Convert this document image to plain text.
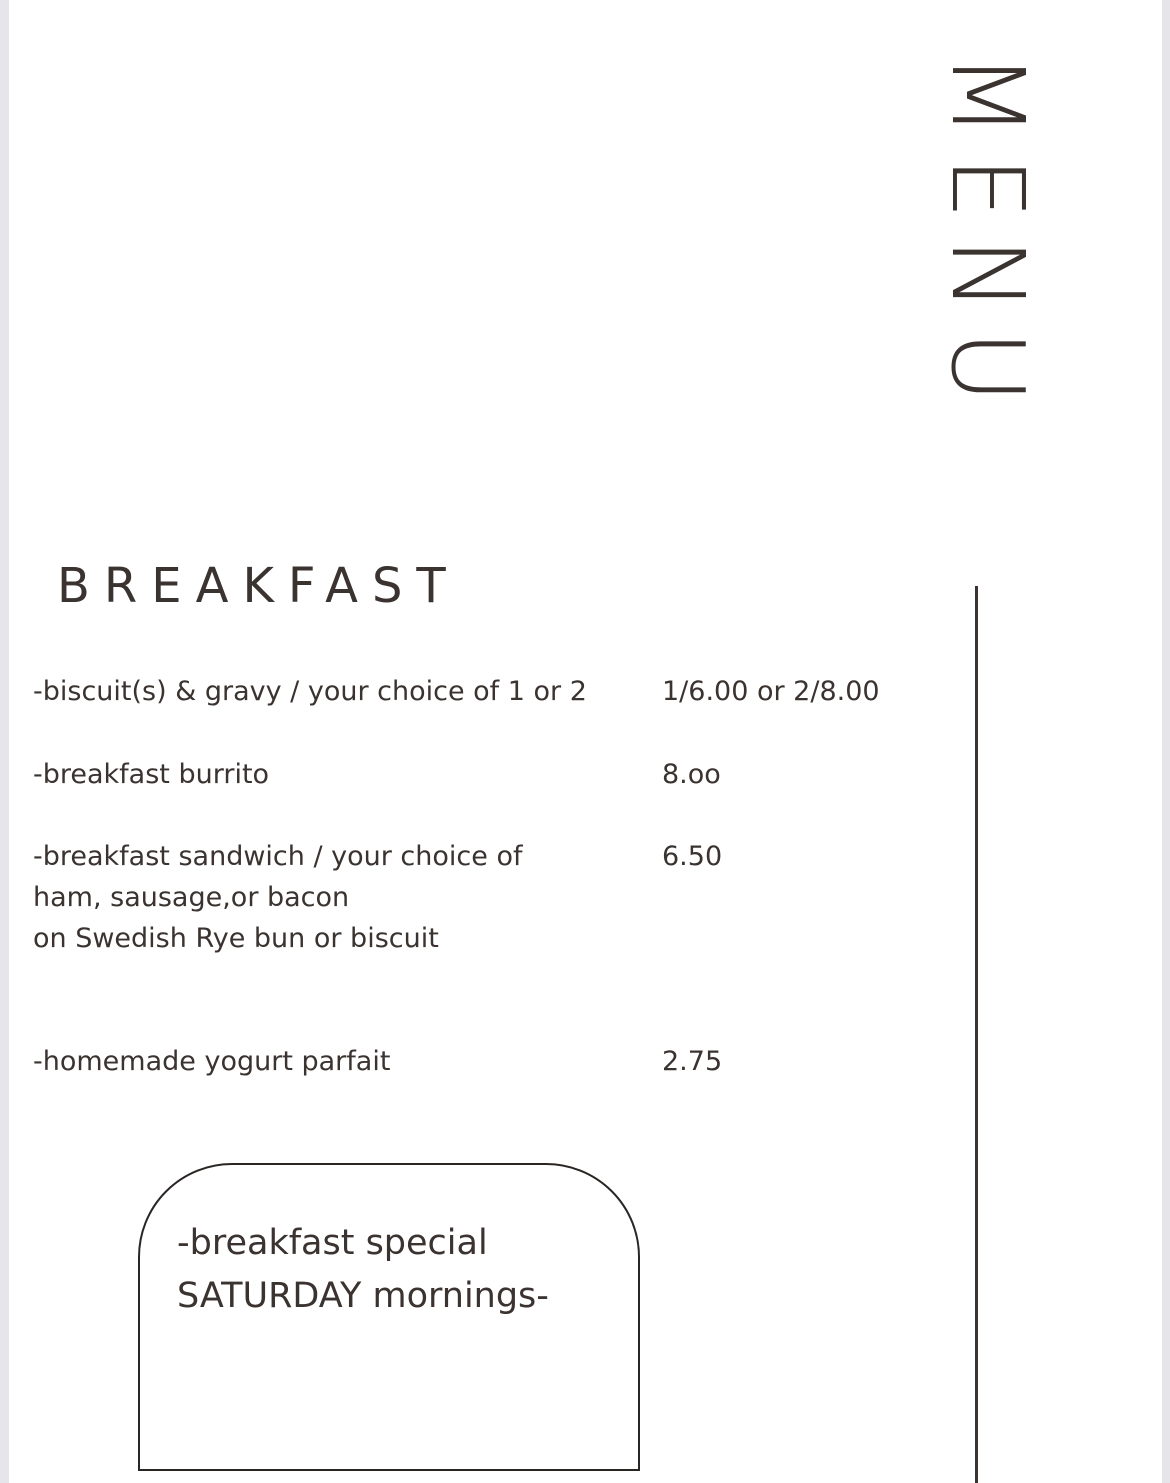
MENU
BREAKFAST
-biscuit(s) & gravy / your choice of 1 or 2	1/6.00 or 2/8.00
-breakfast burrito	8.oo
-breakfast sandwich / your choice of
ham, sausage,or bacon
on Swedish Rye bun or biscuit
6.50
-homemade yogurt parfait	2.75
-breakfast special
SATURDAY mornings-
